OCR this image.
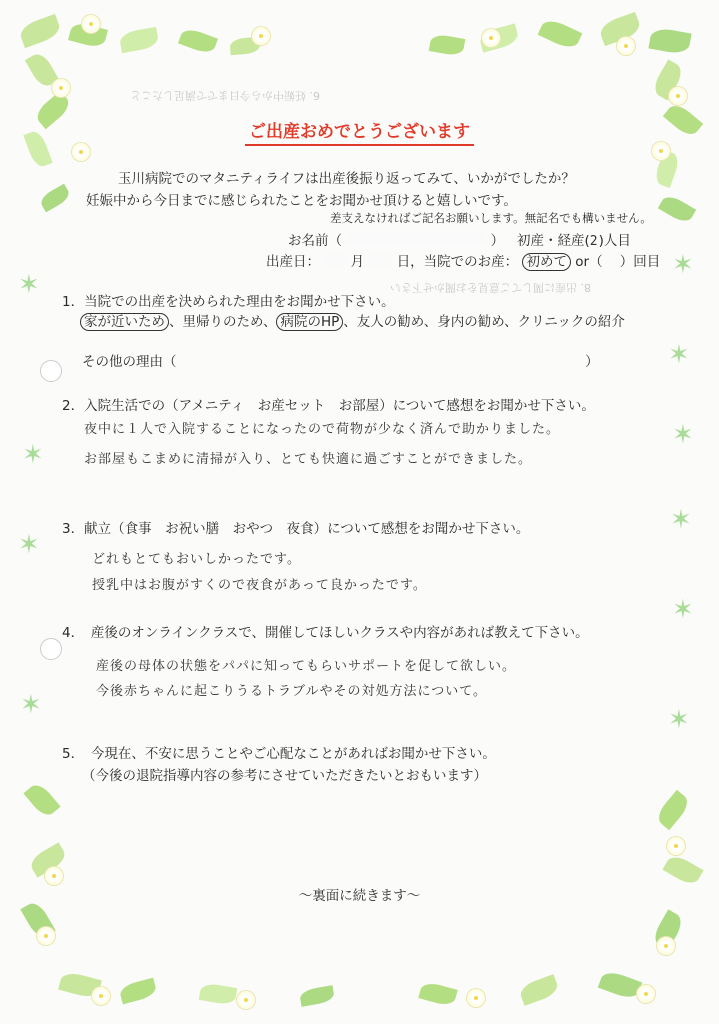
✶
✶
✶
✶
✶
✶
✶
✶
✶
✶
6. 妊娠中から今日までで満足したこと
8. 出産に関してご意見をお聞かせ下さい
ご出産おめでとうございます
玉川病院でのマタニティライフは出産後振り返ってみて、いかがでしたか？
妊娠中から今日までに感じられたことをお聞かせ頂けると嬉しいです。
差支えなければご記名お願いします。無記名でも構いません。
お名前（	） 初産・経産(2)人目
出産日： 月 日，当院でのお産： 初めて or（ ）回目
1．当院での出産を決められた理由をお聞かせ下さい。
家が近いため 、里帰りのため、 病院のHP 、友人の勧め、身内の勧め、クリニックの紹介
その他の理由（	）
2．入院生活での（アメニティ　お産セット　お部屋）について感想をお聞かせ下さい。
夜中に１人で入院することになったので荷物が少なく済んで助かりました。
お部屋もこまめに清掃が入り、とても快適に過ごすことができました。
3．献立（食事　お祝い膳　おやつ　夜食）について感想をお聞かせ下さい。
どれもとてもおいしかったです。
授乳中はお腹がすくので夜食があって良かったです。
4．　産後のオンラインクラスで、開催してほしいクラスや内容があれば教えて下さい。
産後の母体の状態をパパに知ってもらいサポートを促して欲しい。
今後赤ちゃんに起こりうるトラブルやその対処方法について。
5．　今現在、不安に思うことやご心配なことがあればお聞かせ下さい。
（今後の退院指導内容の参考にさせていただきたいとおもいます）
～裏面に続きます～
